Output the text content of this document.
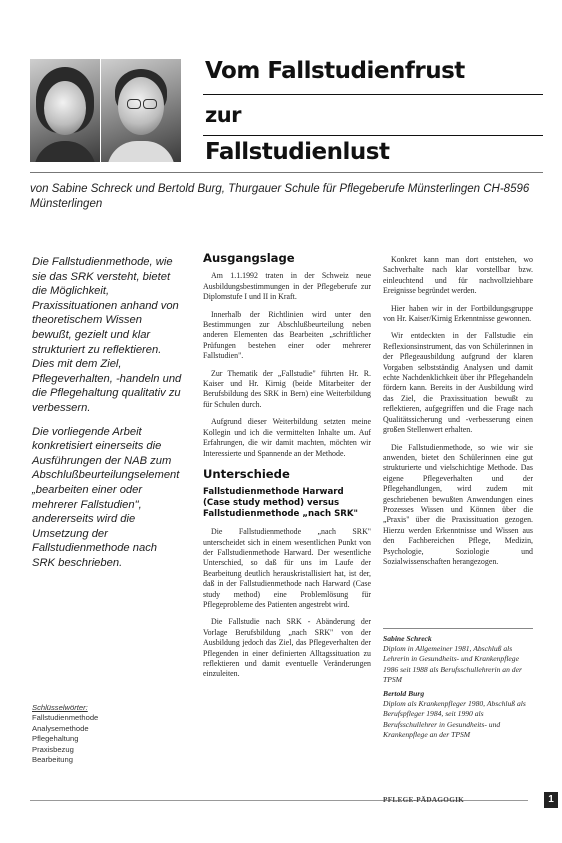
Vom Fallstudienfrust
zur
Fallstudienlust
von Sabine Schreck und Bertold Burg, Thurgauer Schule für Pflegeberufe Münsterlingen CH-8596 Münsterlingen

Die Fallstudienmethode, wie sie das SRK versteht, bietet die Möglichkeit, Praxissituationen anhand von theoretischem Wissen bewußt, gezielt und klar strukturiert zu reflektieren. Dies mit dem Ziel, Pflegeverhalten, -handeln und die Pflegehaltung qualitativ zu verbessern.

Die vorliegende Arbeit konkretisiert einerseits die Ausführungen der NAB zum Abschlußbeurteilungselement „bearbeiten einer oder mehrerer Fallstudien", andererseits wird die Umsetzung der Fallstudienmethode nach SRK beschrieben.

Schlüsselwörter:
Fallstudienmethode
Analysemethode
Pflegehaltung
Praxisbezug
Bearbeitung
Ausgangslage

Am 1.1.1992 traten in der Schweiz neue Ausbildungsbestimmungen in der Pflegeberufe zur Diplomstufe I und II in Kraft.

Innerhalb der Richtlinien wird unter den Bestimmungen zur Abschlußbeurteilung neben anderen Elementen das Bearbeiten „schriftlicher Prüfungen bestehen einer oder mehrerer Fallstudien".

Zur Thematik der „Fallstudie" führten Hr. R. Kaiser und Hr. Kirnig (beide Mitarbeiter der Berufsbildung des SRK in Bern) eine Weiterbildung für Schulen durch.

Aufgrund dieser Weiterbildung setzten meine Kollegin und ich die vermittelten Inhalte um. Auf Erfahrungen, die wir damit machten, möchten wir Interessierte und Spannende an der Methode.

Unterschiede
Fallstudienmethode Harward (Case study method) versus Fallstudienmethode „nach SRK"

Die Fallstudienmethode „nach SRK" unterscheidet sich in einem wesentlichen Punkt von der Fallstudienmethode Harward. Der wesentliche Unterschied, so daß für uns im Laufe der Bearbeitung deutlich herauskristallisiert hat, ist der, daß in der Fallstudienmethode nach Harward (Case study method) eine Problemlösung für Pflegeprobleme des Patienten angestrebt wird.

Die Fallstudie nach SRK - Abänderung der Vorlage Berufsbildung „nach SRK" von der Ausbildung jedoch das Ziel, das Pflegeverhalten der Pflegenden in einer definierten Alltagssituation zu reflektieren und damit eventuelle Veränderungen einzuleiten.

Konkret kann man dort entstehen, wo Sachverhalte nach klar vorstellbar bzw. einleuchtend und für nachvollziehbare Ereignisse begründet werden.

Hier haben wir in der Fortbildungsgruppe von Hr. Kaiser/Kirnig Erkenntnisse gewonnen.

Wir entdeckten in der Fallstudie ein Reflexionsinstrument, das von Schülerinnen in der Pflegeausbildung aufgrund der klaren Vorgaben selbstständig Analysen und damit echte Nachdenklichkeit über ihr Pflegehandeln fördern kann. Bereits in der Ausbildung wird das Ziel, die Praxissituation bewußt zu reflektieren, aufgegriffen und die Frage nach Qualitätssicherung und -verbesserung einen großen Stellenwert erhalten.

Die Fallstudienmethode, so wie wir sie anwenden, bietet den Schülerinnen eine gut strukturierte und vielschichtige Methode. Das eigene Pflegeverhalten und der Pflegehandlungen, wird zudem mit geschriebenen bewußten Anwendungen eines Prozesses Wissen und Können über die „Praxis" über die Praxissituation gezogen. Hierzu werden Erkenntnisse und Wissen aus den Fachbereichen Pflege, Medizin, Psychologie, Soziologie und Sozialwissenschaften herangezogen.

Sabine Schreck
Diplom in Allgemeiner 1981, Abschluß als Lehrerin in Gesundheits- und Krankenpflege 1986 seit 1988 als Berufsschullehrerin an der TPSM
Bertold Burg
Diplom als Krankenpfleger 1980, Abschluß als Berufspfleger 1984, seit 1990 als Berufsschullehrer in Gesundheits- und Krankenpflege an der TPSM
PFLEGE-PÄDAGOGIK	1
